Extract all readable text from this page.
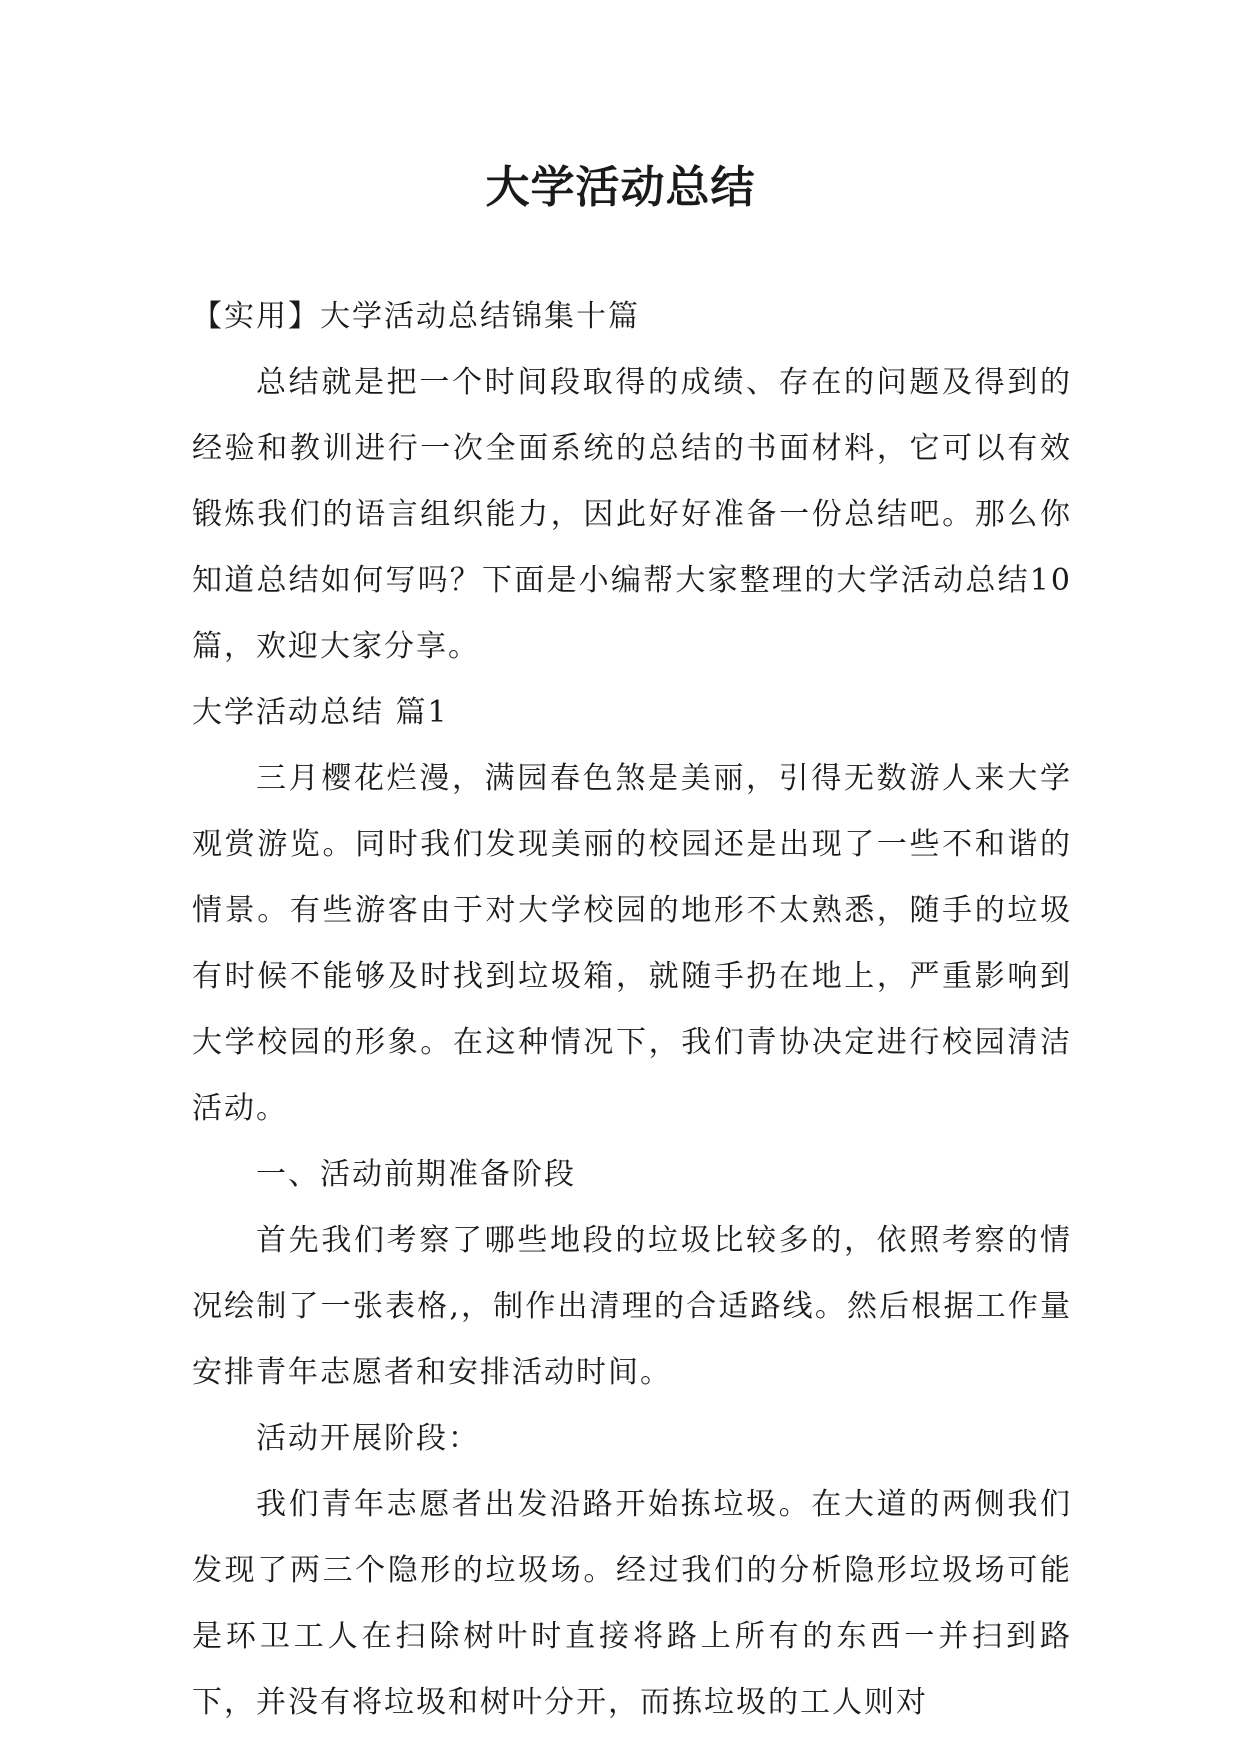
大学活动总结

【实用】大学活动总结锦集十篇

总结就是把一个时间段取得的成绩、存在的问题及得到的经验和教训进行一次全面系统的总结的书面材料，它可以有效锻炼我们的语言组织能力，因此好好准备一份总结吧。那么你知道总结如何写吗？下面是小编帮大家整理的大学活动总结10篇，欢迎大家分享。

大学活动总结 篇1

三月樱花烂漫，满园春色煞是美丽，引得无数游人来大学观赏游览。同时我们发现美丽的校园还是出现了一些不和谐的情景。有些游客由于对大学校园的地形不太熟悉，随手的垃圾有时候不能够及时找到垃圾箱，就随手扔在地上，严重影响到大学校园的形象。在这种情况下，我们青协决定进行校园清洁活动。

一、活动前期准备阶段

首先我们考察了哪些地段的垃圾比较多的，依照考察的情况绘制了一张表格,，制作出清理的合适路线。然后根据工作量安排青年志愿者和安排活动时间。

活动开展阶段：

我们青年志愿者出发沿路开始拣垃圾。在大道的两侧我们发现了两三个隐形的垃圾场。经过我们的分析隐形垃圾场可能是环卫工人在扫除树叶时直接将路上所有的东西一并扫到路下，并没有将垃圾和树叶分开，而拣垃圾的工人则对
